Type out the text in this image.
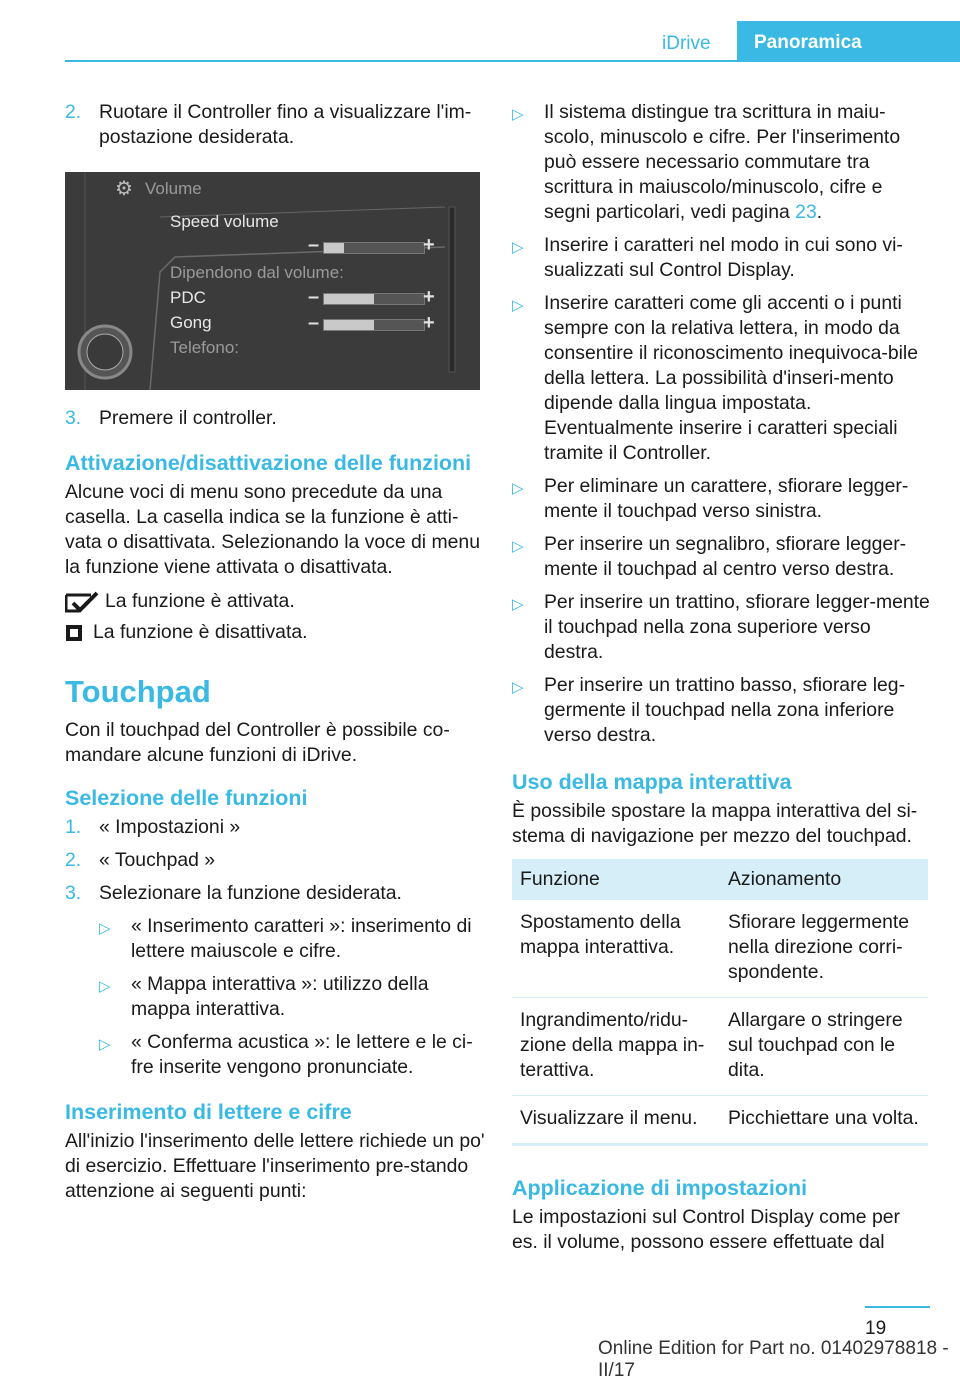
iDrive	Panoramica
2. Ruotare il Controller fino a visualizzare l'im-postazione desiderata.
⚙ Volume
Speed volume
–	+
Dipendono dal volume:
PDC	–	+
Gong	–	+
Telefono:
3. Premere il controller.
Attivazione/disattivazione delle funzioni

Alcune voci di menu sono precedute da una casella. La casella indica se la funzione è atti-vata o disattivata. Selezionando la voce di menu la funzione viene attivata o disattivata.

La funzione è attivata.
La funzione è disattivata.
Touchpad

Con il touchpad del Controller è possibile co-mandare alcune funzioni di iDrive.

Selezione delle funzioni
1. « Impostazioni »
2. « Touchpad »
3. Selezionare la funzione desiderata.
▷	« Inserimento caratteri »: inserimento di lettere maiuscole e cifre.
▷	« Mappa interattiva »: utilizzo della mappa interattiva.
▷	« Conferma acustica »: le lettere e le ci-fre inserite vengono pronunciate.
Inserimento di lettere e cifre

All'inizio l'inserimento delle lettere richiede un po' di esercizio. Effettuare l'inserimento pre-stando attenzione ai seguenti punti:

▷	Il sistema distingue tra scrittura in maiu-scolo, minuscolo e cifre. Per l'inserimento può essere necessario commutare tra scrittura in maiuscolo/minuscolo, cifre e segni particolari, vedi pagina 23.
▷	Inserire i caratteri nel modo in cui sono vi-sualizzati sul Control Display.
▷	Inserire caratteri come gli accenti o i punti sempre con la relativa lettera, in modo da consentire il riconoscimento inequivoca-bile della lettera. La possibilità d'inseri-mento dipende dalla lingua impostata. Eventualmente inserire i caratteri speciali tramite il Controller.
▷	Per eliminare un carattere, sfiorare legger-mente il touchpad verso sinistra.
▷	Per inserire un segnalibro, sfiorare legger-mente il touchpad al centro verso destra.
▷	Per inserire un trattino, sfiorare legger-mente il touchpad nella zona superiore verso destra.
▷	Per inserire un trattino basso, sfiorare leg-germente il touchpad nella zona inferiore verso destra.
Uso della mappa interattiva

È possibile spostare la mappa interattiva del si-stema di navigazione per mezzo del touchpad.

Funzione	Azionamento
Spostamento della mappa interattiva.	Sfiorare leggermente nella direzione corri-spondente.
Ingrandimento/ridu-zione della mappa in-terattiva.	Allargare o stringere sul touchpad con le dita.
Visualizzare il menu.	Picchiettare una volta.
Applicazione di impostazioni

Le impostazioni sul Control Display come per es. il volume, possono essere effettuate dal

19
Online Edition for Part no. 01402978818 - II/17
